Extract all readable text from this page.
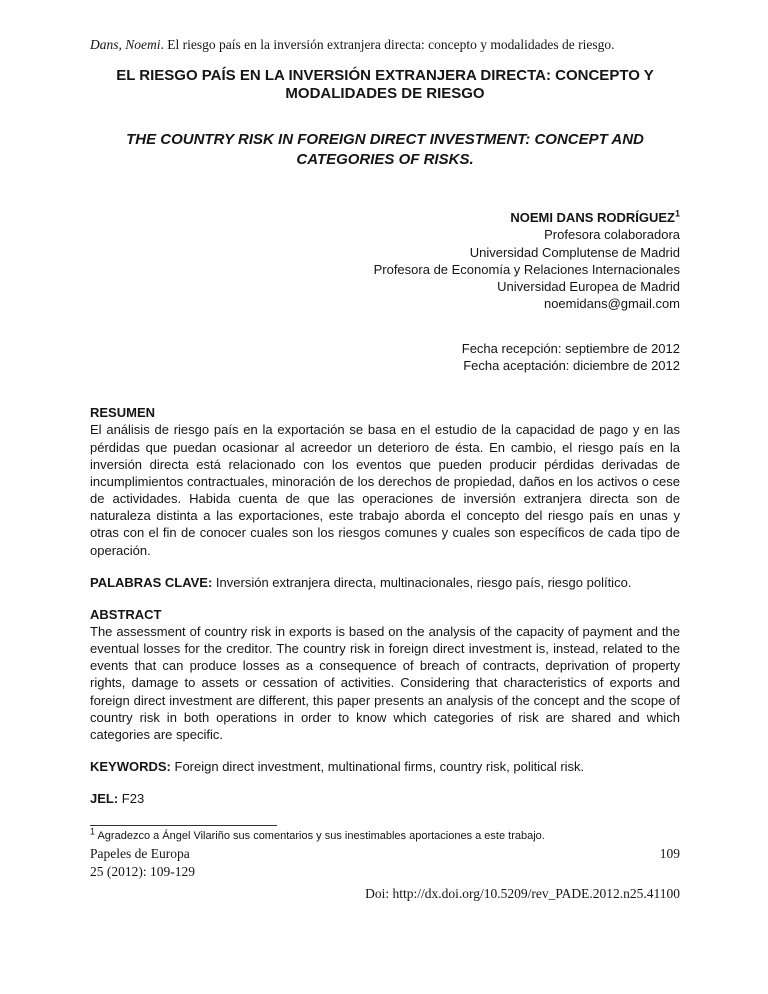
Dans, Noemi. El riesgo país en la inversión extranjera directa: concepto y modalidades de riesgo.

EL RIESGO PAÍS EN LA INVERSIÓN EXTRANJERA DIRECTA: CONCEPTO Y MODALIDADES DE RIESGO
THE COUNTRY RISK IN FOREIGN DIRECT INVESTMENT: CONCEPT AND CATEGORIES OF RISKS.
NOEMI DANS RODRÍGUEZ$^1$
Profesora colaboradora
Universidad Complutense de Madrid
Profesora de Economía y Relaciones Internacionales
Universidad Europea de Madrid
noemidans@gmail.com
Fecha recepción: septiembre de 2012
Fecha aceptación: diciembre de 2012
RESUMEN

El análisis de riesgo país en la exportación se basa en el estudio de la capacidad de pago y en las pérdidas que puedan ocasionar al acreedor un deterioro de ésta. En cambio, el riesgo país en la inversión directa está relacionado con los eventos que pueden producir pérdidas derivadas de incumplimientos contractuales, minoración de los derechos de propiedad, daños en los activos o cese de actividades. Habida cuenta de que las operaciones de inversión extranjera directa son de naturaleza distinta a las exportaciones, este trabajo aborda el concepto del riesgo país en unas y otras con el fin de conocer cuales son los riesgos comunes y cuales son específicos de cada tipo de operación.

PALABRAS CLAVE: Inversión extranjera directa, multinacionales, riesgo país, riesgo político.

ABSTRACT

The assessment of country risk in exports is based on the analysis of the capacity of payment and the eventual losses for the creditor. The country risk in foreign direct investment is, instead, related to the events that can produce losses as a consequence of breach of contracts, deprivation of property rights, damage to assets or cessation of activities. Considering that characteristics of exports and foreign direct investment are different, this paper presents an analysis of the concept and the scope of country risk in both operations in order to know which categories of risk are shared and which categories are specific.

KEYWORDS: Foreign direct investment, multinational firms, country risk, political risk.

JEL: F23

$^1$ Agradezco a Ángel Vilariño sus comentarios y sus inestimables aportaciones a este trabajo.

Papeles de Europa	109
25 (2012): 109-129
Doi: http://dx.doi.org/10.5209/rev_PADE.2012.n25.41100
